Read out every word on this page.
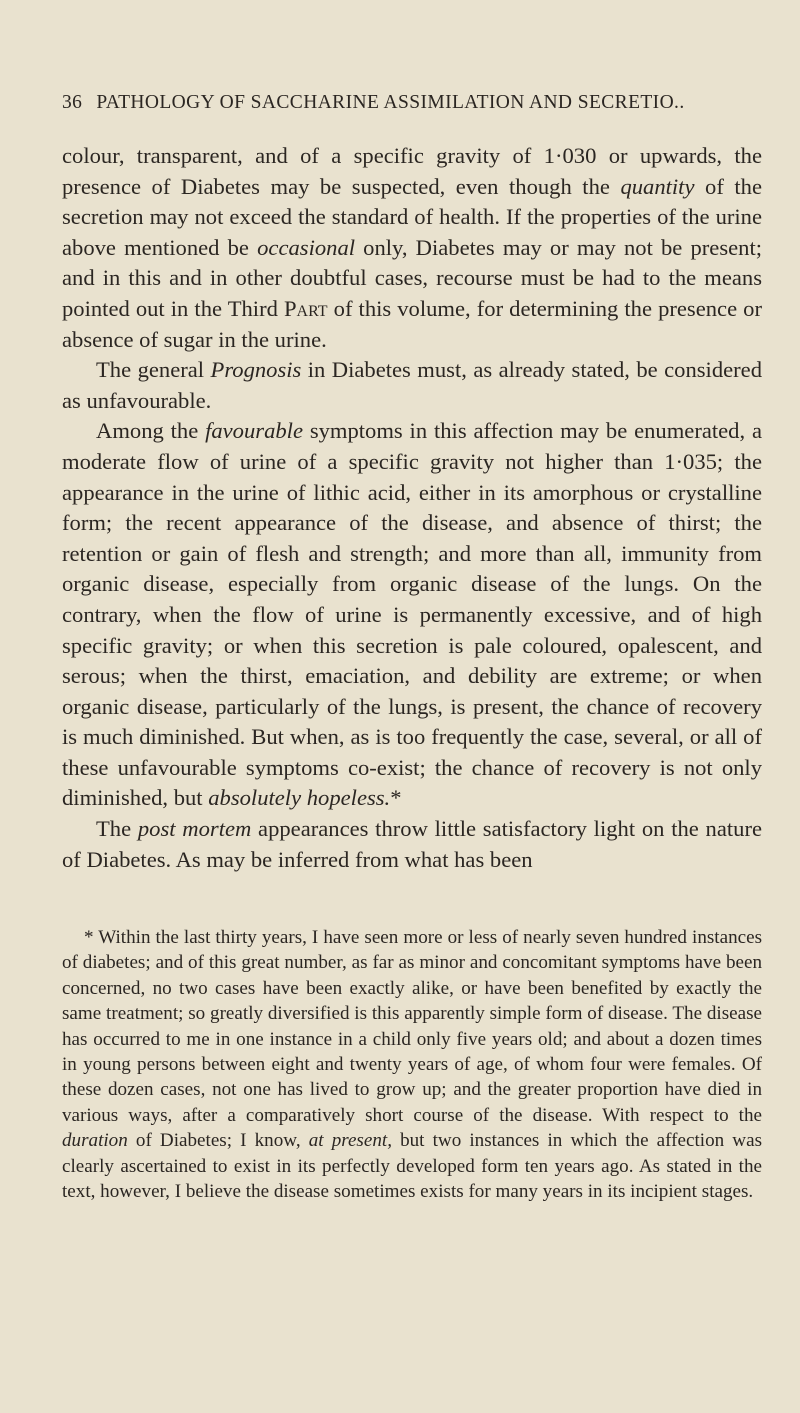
36 PATHOLOGY OF SACCHARINE ASSIMILATION AND SECRETIO..

colour, transparent, and of a specific gravity of 1·030 or upwards, the presence of Diabetes may be suspected, even though the quantity of the secretion may not exceed the standard of health. If the properties of the urine above mentioned be occasional only, Diabetes may or may not be present; and in this and in other doubtful cases, recourse must be had to the means pointed out in the Third Part of this volume, for determining the presence or absence of sugar in the urine.

The general Prognosis in Diabetes must, as already stated, be considered as unfavourable.

Among the favourable symptoms in this affection may be enumerated, a moderate flow of urine of a specific gravity not higher than 1·035; the appearance in the urine of lithic acid, either in its amorphous or crystalline form; the recent appearance of the disease, and absence of thirst; the retention or gain of flesh and strength; and more than all, immunity from organic disease, especially from organic disease of the lungs. On the contrary, when the flow of urine is permanently excessive, and of high specific gravity; or when this secretion is pale coloured, opalescent, and serous; when the thirst, emaciation, and debility are extreme; or when organic disease, particularly of the lungs, is present, the chance of recovery is much diminished. But when, as is too frequently the case, several, or all of these unfavourable symptoms co-exist; the chance of recovery is not only diminished, but absolutely hopeless.*

The post mortem appearances throw little satisfactory light on the nature of Diabetes. As may be inferred from what has been

* Within the last thirty years, I have seen more or less of nearly seven hundred instances of diabetes; and of this great number, as far as minor and concomitant symptoms have been concerned, no two cases have been exactly alike, or have been benefited by exactly the same treatment; so greatly diversified is this apparently simple form of disease. The disease has occurred to me in one instance in a child only five years old; and about a dozen times in young persons between eight and twenty years of age, of whom four were females. Of these dozen cases, not one has lived to grow up; and the greater proportion have died in various ways, after a comparatively short course of the disease. With respect to the duration of Diabetes; I know, at present, but two instances in which the affection was clearly ascertained to exist in its perfectly developed form ten years ago. As stated in the text, however, I believe the disease sometimes exists for many years in its incipient stages.
